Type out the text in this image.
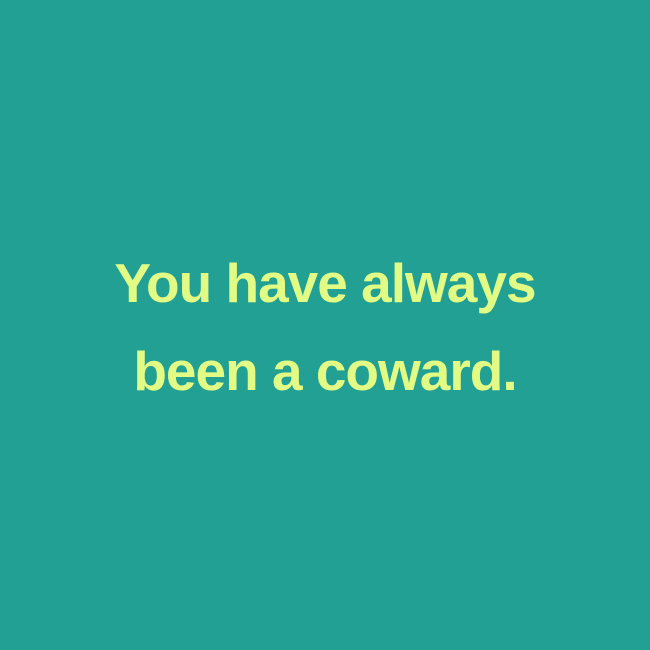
You have always
been a coward.
